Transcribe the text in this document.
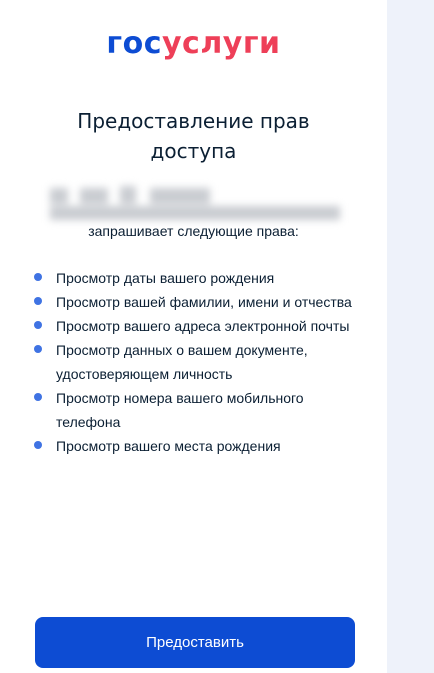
госуслуги
Предоставление прав доступа
запрашивает следующие права:
Просмотр даты вашего рождения
Просмотр вашей фамилии, имени и отчества
Просмотр вашего адреса электронной почты
Просмотр данных о вашем документе, удостоверяющем личность
Просмотр номера вашего мобильного телефона
Просмотр вашего места рождения
Предоставить
